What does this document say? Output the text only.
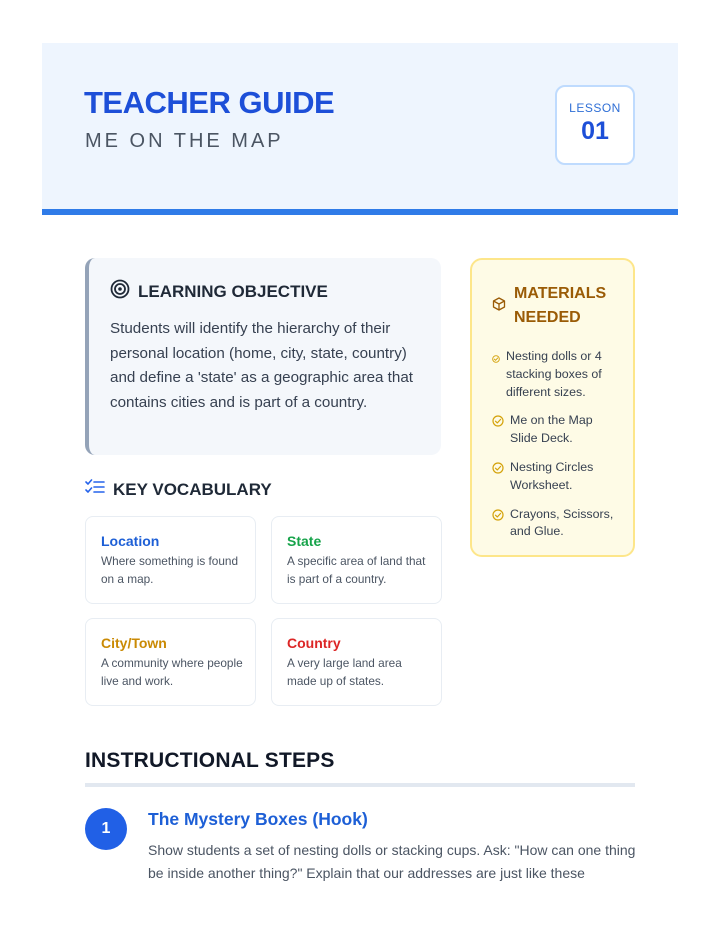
TEACHER GUIDE
ME ON THE MAP
LESSON
01
LEARNING OBJECTIVE

Students will identify the hierarchy of their personal location (home, city, state, country) and define a 'state' as a geographic area that contains cities and is part of a country.

KEY VOCABULARY
Location
Where something is found on a map.
State
A specific area of land that is part of a country.
City/Town
A community where people live and work.
Country
A very large land area made up of states.
MATERIALS NEEDED
Nesting dolls or 4 stacking boxes of different sizes.
Me on the Map Slide Deck.
Nesting Circles Worksheet.
Crayons, Scissors, and Glue.
INSTRUCTIONAL STEPS
1	The Mystery Boxes (Hook)

Show students a set of nesting dolls or stacking cups. Ask: "How can one thing be inside another thing?" Explain that our addresses are just like these
